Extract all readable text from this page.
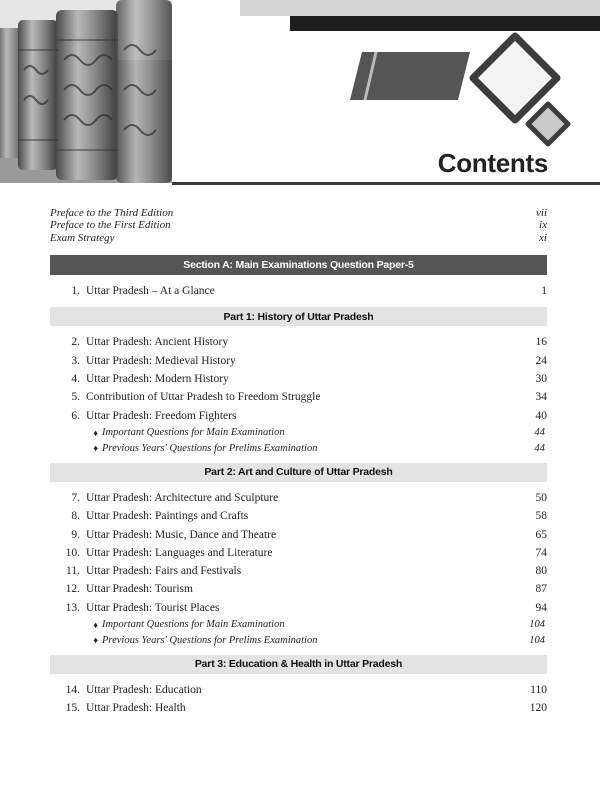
Contents
Preface to the Third Edition	vii
Preface to the First Edition	ix
Exam Strategy	xi
Section A: Main Examinations Question Paper-5
1. Uttar Pradesh – At a Glance	1
Part 1: History of Uttar Pradesh
2. Uttar Pradesh: Ancient History	16
3. Uttar Pradesh: Medieval History	24
4. Uttar Pradesh: Modern History	30
5. Contribution of Uttar Pradesh to Freedom Struggle	34
6. Uttar Pradesh: Freedom Fighters	40
♦ Important Questions for Main Examination	44
♦ Previous Years' Questions for Prelims Examination	44
Part 2: Art and Culture of Uttar Pradesh
7. Uttar Pradesh: Architecture and Sculpture	50
8. Uttar Pradesh: Paintings and Crafts	58
9. Uttar Pradesh: Music, Dance and Theatre	65
10. Uttar Pradesh: Languages and Literature	74
11. Uttar Pradesh: Fairs and Festivals	80
12. Uttar Pradesh: Tourism	87
13. Uttar Pradesh: Tourist Places	94
♦ Important Questions for Main Examination	104
♦ Previous Years' Questions for Prelims Examination	104
Part 3: Education & Health in Uttar Pradesh
14. Uttar Pradesh: Education	110
15. Uttar Pradesh: Health	120
